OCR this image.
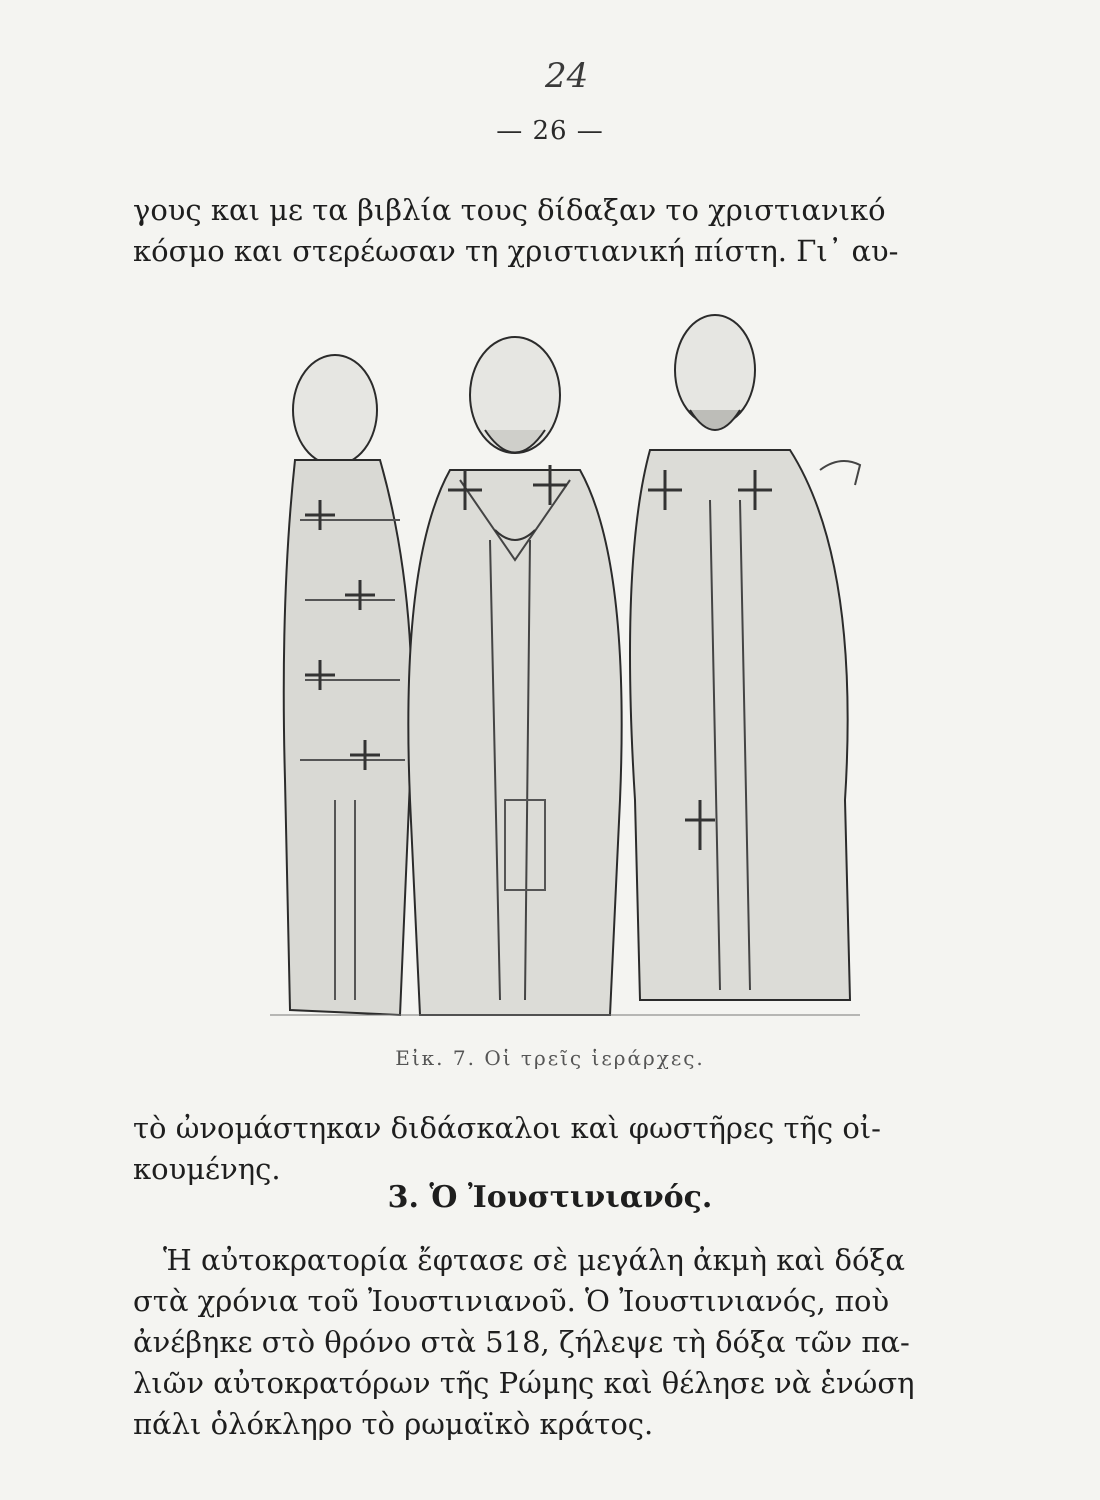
24
— 26 —
γους και με τα βιβλία τους δίδαξαν το χριστιανικό
κόσμο και στερέωσαν τη χριστιανική πίστη. Γι᾽ αυ-
Εἰκ. 7. Οἱ τρεῖς ἱεράρχες.
τὸ ὠνομάστηκαν διδάσκαλοι καὶ φωστῆρες τῆς οἰ-
κουμένης.
3. Ὁ Ἰουστινιανός.
Ἡ αὐτοκρατορία ἔφτασε σὲ μεγάλη ἀκμὴ καὶ δόξα
στὰ χρόνια τοῦ Ἰουστινιανοῦ. Ὁ Ἰουστινιανός, ποὺ
ἀνέβηκε στὸ θρόνο στὰ 518, ζήλεψε τὴ δόξα τῶν πα-
λιῶν αὐτοκρατόρων τῆς Ρώμης καὶ θέλησε νὰ ἑνώση
πάλι ὁλόκληρο τὸ ρωμαϊκὸ κράτος.
